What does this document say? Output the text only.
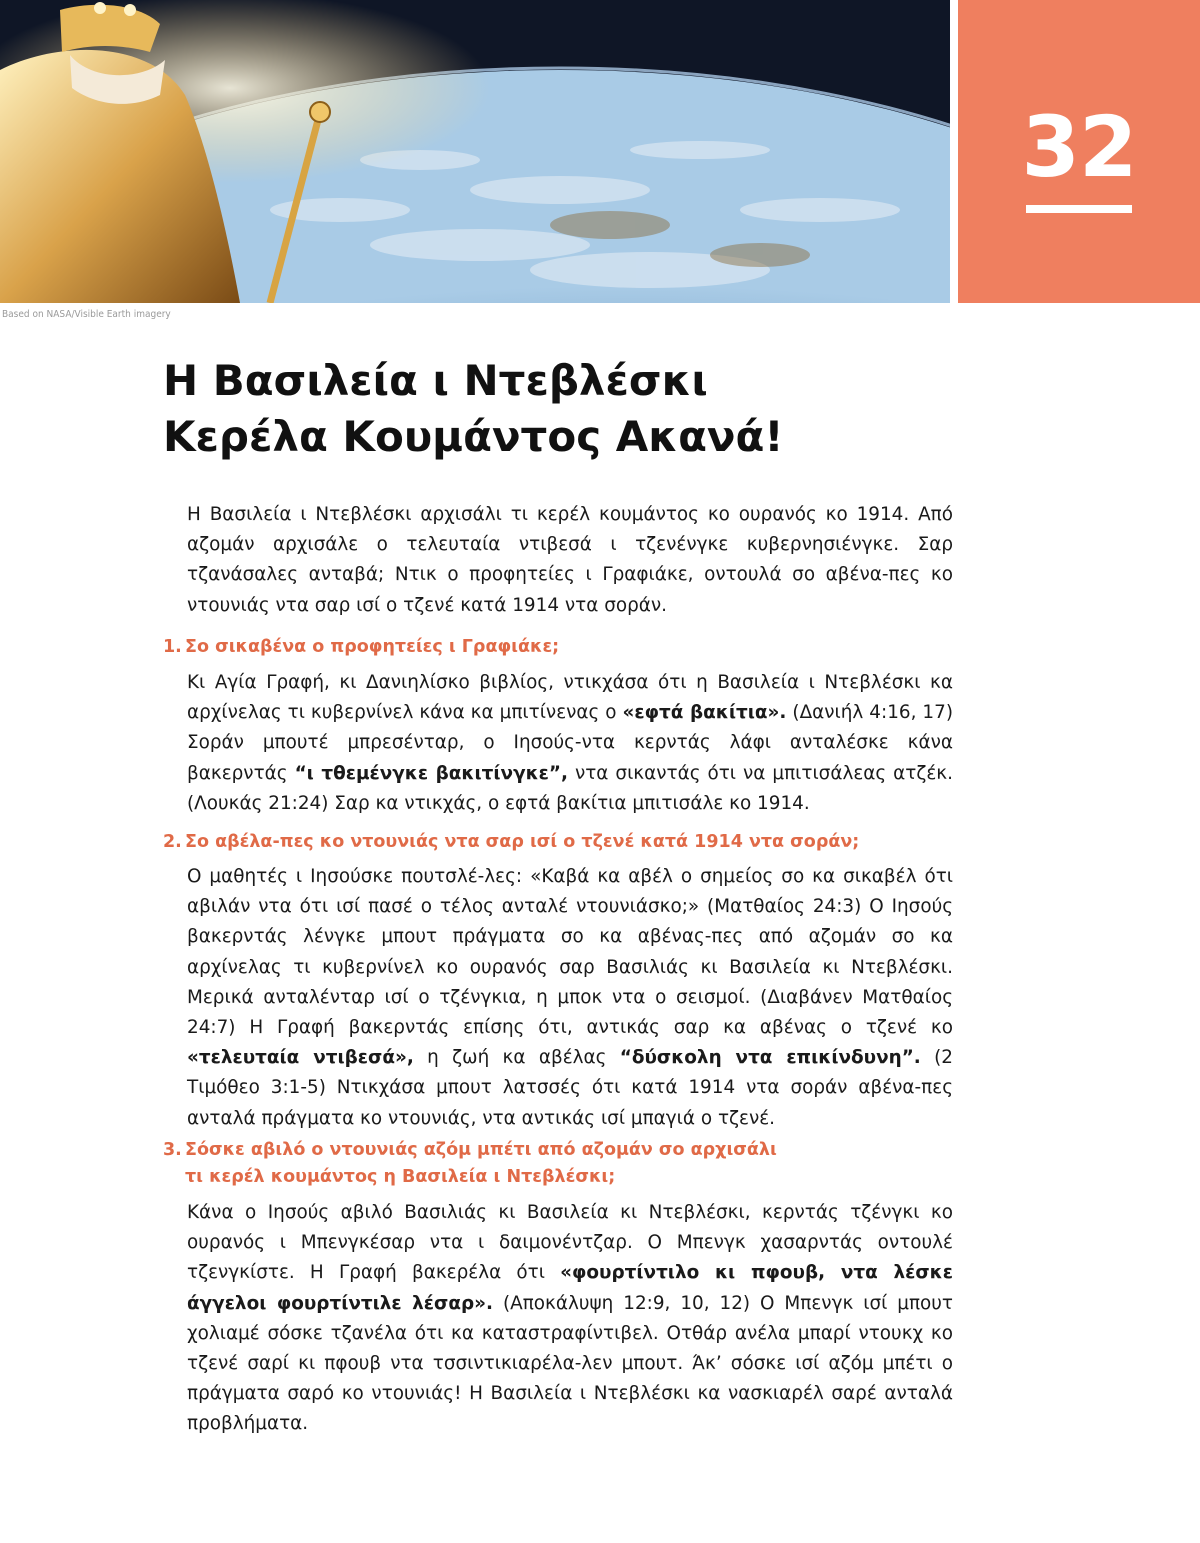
32
Based on NASA/Visible Earth imagery
Η Βασιλεία ι Ντεβλέσκι
Κερέλα Κουμάντος Ακανά!

Η Βασιλεία ι Ντεβλέσκι αρχισάλι τι κερέλ κουμάντος κο ουρανός κο 1914. Από αζομάν αρχισάλε ο τελευταία ντιβεσά ι τζενένγκε κυβερνησιένγκε. Σαρ τζανάσαλες ανταβά; Ντικ ο προφητείες ι Γραφιάκε, οντουλά σο αβένα-πες κο ντουνιάς ντα σαρ ισί ο τζενέ κατά 1914 ντα σοράν.

1. Σο σικαβένα ο προφητείες ι Γραφιάκε;

Κι Αγία Γραφή, κι Δανιηλίσκο βιβλίος, ντικχάσα ότι η Βασιλεία ι Ντεβλέσκι κα αρχίνελας τι κυβερνίνελ κάνα κα μπιτίνενας ο «εφτά βακίτια». (Δανιήλ 4:16, 17) Σοράν μπουτέ μπρεσένταρ, ο Ιησούς-ντα κερντάς λάφι ανταλέσκε κάνα βακερντάς “ι τθεμένγκε βακιτίνγκε”, ντα σικαντάς ότι να μπιτισάλεας ατζέκ. (Λουκάς 21:24) Σαρ κα ντικχάς, ο εφτά βακίτια μπιτισάλε κο 1914.

2. Σο αβέλα-πες κο ντουνιάς ντα σαρ ισί ο τζενέ κατά 1914 ντα σοράν;

Ο μαθητές ι Ιησούσκε πουτσλέ-λες: «Καβά κα αβέλ ο σημείος σο κα σικαβέλ ότι αβιλάν ντα ότι ισί πασέ ο τέλος ανταλέ ντουνιάσκο;» (Ματθαίος 24:3) Ο Ιησούς βακερντάς λένγκε μπουτ πράγματα σο κα αβένας-πες από αζομάν σο κα αρχίνελας τι κυβερνίνελ κο ουρανός σαρ Βασιλιάς κι Βασιλεία κι Ντεβλέσκι. Μερικά ανταλένταρ ισί ο τζένγκια, η μποκ ντα ο σεισμοί. (Διαβάνεν Ματθαίος 24:7) Η Γραφή βακερντάς επίσης ότι, αντικάς σαρ κα αβένας ο τζενέ κο «τελευταία ντιβεσά», η ζωή κα αβέλας “δύσκολη ντα επικίνδυνη”. (2 Τιμόθεο 3:1-5) Ντικχάσα μπουτ λατσσές ότι κατά 1914 ντα σοράν αβένα-πες ανταλά πράγματα κο ντουνιάς, ντα αντικάς ισί μπαγιά ο τζενέ.

3. Σόσκε αβιλό ο ντουνιάς αζόμ μπέτι από αζομάν σο αρχισάλι
τι κερέλ κουμάντος η Βασιλεία ι Ντεβλέσκι;

Κάνα ο Ιησούς αβιλό Βασιλιάς κι Βασιλεία κι Ντεβλέσκι, κερντάς τζένγκι κο ουρανός ι Μπενγκέσαρ ντα ι δαιμονέντζαρ. Ο Μπενγκ χασαρντάς οντουλέ τζενγκίστε. Η Γραφή βακερέλα ότι «φουρτίντιλο κι πφουβ, ντα λέσκε άγγελοι φουρτίντιλε λέσαρ». (Αποκάλυψη 12:9, 10, 12) Ο Μπενγκ ισί μπουτ χολιαμέ σόσκε τζανέλα ότι κα καταστραφίντιβελ. Οτθάρ ανέλα μπαρί ντουκχ κο τζενέ σαρί κι πφουβ ντα τσσιντικιαρέλα-λεν μπουτ. Άκ’ σόσκε ισί αζόμ μπέτι ο πράγματα σαρό κο ντουνιάς! Η Βασιλεία ι Ντεβλέσκι κα νασκιαρέλ σαρέ ανταλά προβλήματα.
